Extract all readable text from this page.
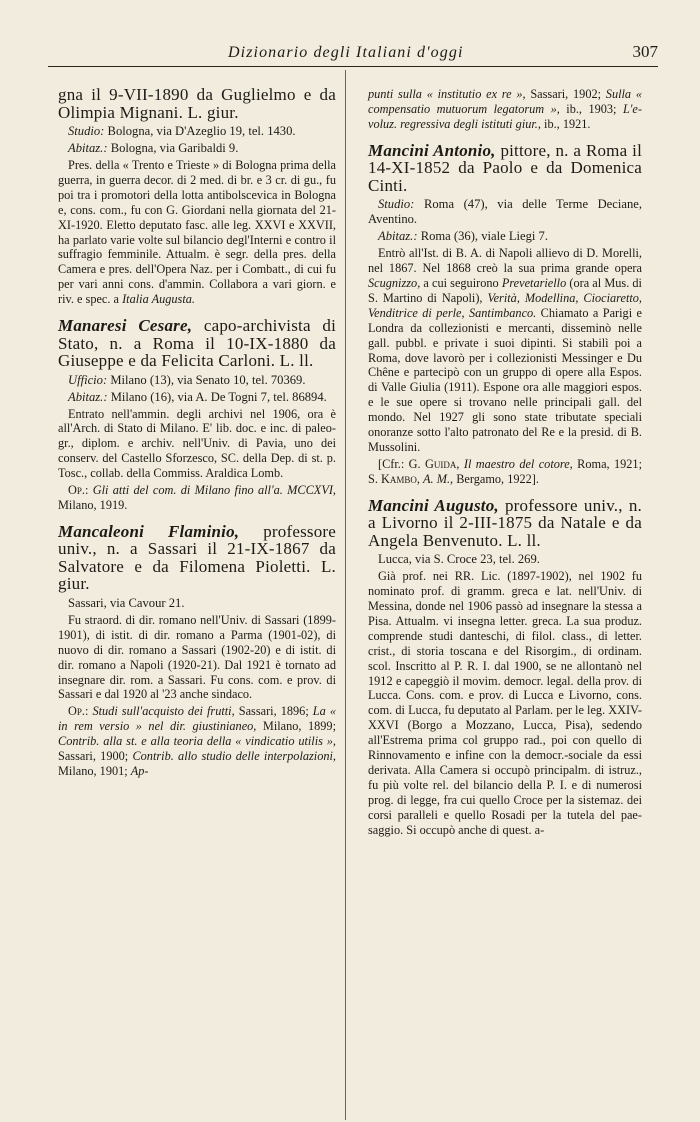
Dizionario degli Italiani d'oggi	307

gna il 9-VII-1890 da Guglielmo e da Olimpia Mignani. L. giur.

Studio: Bologna, via D'Azeglio 19, tel. 1430.

Abitaz.: Bologna, via Garibaldi 9.

Pres. della « Trento e Trieste » di Bologna prima della guerra, in guerra decor. di 2 med. di br. e 3 cr. di gu., fu poi tra i promotori della lotta antibolscevica in Bologna e, cons. com., fu con G. Giordani nella giornata del 21-XI-1920. Eletto deputato fasc. alle leg. XXVI e XXVII, ha parlato varie volte sul bilancio degl'Interni e contro il suffragio femminile. Attualm. è segr. della pres. della Camera e pres. dell'Opera Naz. per i Combatt., di cui fu per vari anni cons. d'ammin. Collabora a vari giorn. e riv. e spec. a Italia Augusta.

Manaresi Cesare, capo-archivista di Stato, n. a Roma il 10-IX-1880 da Giuseppe e da Felicita Carloni. L. ll.

Ufficio: Milano (13), via Senato 10, tel. 70369.

Abitaz.: Milano (16), via A. De Togni 7, tel. 86894.

Entrato nell'ammin. degli archivi nel 1906, ora è all'Arch. di Stato di Milano. E' lib. doc. e inc. di paleogr., diplom. e archiv. nell'Univ. di Pavia, uno dei conserv. del Castello Sforzesco, SC. della Dep. di st. p. Tosc., collab. della Commiss. Araldica Lomb.

Op.: Gli atti del com. di Milano fino all'a. MCCXVI, Milano, 1919.

Mancaleoni Flaminio, professore univ., n. a Sassari il 21-IX-1867 da Salvatore e da Filomena Pioletti. L. giur.

Sassari, via Cavour 21.

Fu straord. di dir. romano nell'Univ. di Sassari (1899-1901), di istit. di dir. romano a Parma (1901-02), di nuovo di dir. romano a Sassari (1902-20) e di istit. di dir. romano a Napoli (1920-21). Dal 1921 è tornato ad insegnare dir. rom. a Sassari. Fu cons. com. e prov. di Sassari e dal 1920 al '23 anche sindaco.

Op.: Studi sull'acquisto dei frutti, Sassari, 1896; La « in rem versio » nel dir. giustinianeo, Milano, 1899; Contrib. alla st. e alla teoria della « vindicatio utilis », Sassari, 1900; Contrib. allo studio delle interpolazioni, Milano, 1901; Ap-

punti sulla « institutio ex re », Sassari, 1902; Sulla « compensatio mutuorum legatorum », ib., 1903; L'evoluz. regressiva degli istituti giur., ib., 1921.

Mancini Antonio, pittore, n. a Roma il 14-XI-1852 da Paolo e da Domenica Cinti.

Studio: Roma (47), via delle Terme Deciane, Aventino.

Abitaz.: Roma (36), viale Liegi 7.

Entrò all'Ist. di B. A. di Napoli allievo di D. Morelli, nel 1867. Nel 1868 creò la sua prima grande opera Scugnizzo, a cui seguirono Prevetariello (ora al Mus. di S. Martino di Napoli), Verità, Modellina, Ciociaretto, Venditrice di perle, Santimbanco. Chiamato a Parigi e Londra da collezionisti e mercanti, disseminò nelle gall. pubbl. e private i suoi dipinti. Si stabilì poi a Roma, dove lavorò per i collezionisti Messinger e Du Chêne e partecipò con un gruppo di opere alla Espos. di Valle Giulia (1911). Espone ora alle maggiori espos. e le sue opere si trovano nelle principali gall. del mondo. Nel 1927 gli sono state tributate speciali onoranze sotto l'alto patronato del Re e la presid. di B. Mussolini.

[Cfr.: G. Guida, Il maestro del cotore, Roma, 1921; S. Kambo, A. M., Bergamo, 1922].

Mancini Augusto, professore univ., n. a Livorno il 2-III-1875 da Natale e da Angela Benvenuto. L. ll.

Lucca, via S. Croce 23, tel. 269.

Già prof. nei RR. Lic. (1897-1902), nel 1902 fu nominato prof. di gramm. greca e lat. nell'Univ. di Messina, donde nel 1906 passò ad insegnare la stessa a Pisa. Attualm. vi insegna letter. greca. La sua produz. comprende studi danteschi, di filol. class., di letter. crist., di storia toscana e del Risorgim., di ordinam. scol. Inscritto al P. R. I. dal 1900, se ne allontanò nel 1912 e capeggiò il movim. democr. legal. della prov. di Lucca. Cons. com. e prov. di Lucca e Livorno, cons. com. di Lucca, fu deputato al Parlam. per le leg. XXIV-XXVI (Borgo a Mozzano, Lucca, Pisa), sedendo all'Estrema prima col gruppo rad., poi con quello di Rinnovamento e infine con la democr.-sociale da essi derivata. Alla Camera si occupò principalm. di istruz., fu più volte rel. del bilancio della P. I. e di numerosi prog. di legge, fra cui quello Croce per la sistemaz. dei corsi paralleli e quello Rosadi per la tutela del paesaggio. Si occupò anche di quest. a-
